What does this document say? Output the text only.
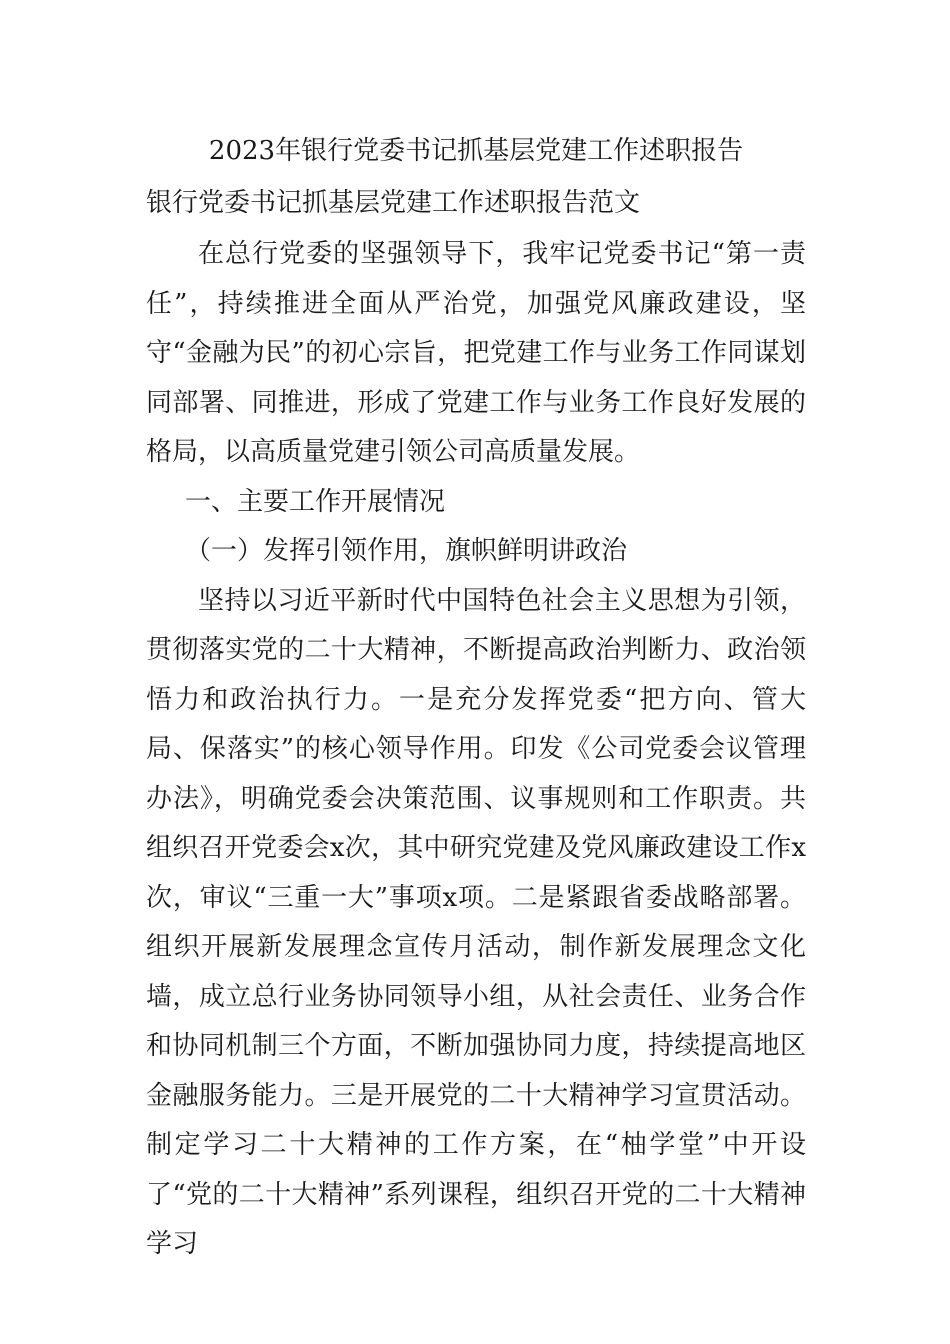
2023年银行党委书记抓基层党建工作述职报告

银行党委书记抓基层党建工作述职报告范文

在总行党委的坚强领导下，我牢记党委书记“第一责任”，持续推进全面从严治党，加强党风廉政建设，坚守“金融为民”的初心宗旨，把党建工作与业务工作同谋划同部署、同推进，形成了党建工作与业务工作良好发展的格局，以高质量党建引领公司高质量发展。

一、主要工作开展情况

（一）发挥引领作用，旗帜鲜明讲政治

坚持以习近平新时代中国特色社会主义思想为引领，贯彻落实党的二十大精神，不断提高政治判断力、政治领悟力和政治执行力。一是充分发挥党委“把方向、管大局、保落实”的核心领导作用。印发《公司党委会议管理办法》，明确党委会决策范围、议事规则和工作职责。共组织召开党委会x次，其中研究党建及党风廉政建设工作x次，审议“三重一大”事项x项。二是紧跟省委战略部署。组织开展新发展理念宣传月活动，制作新发展理念文化墙，成立总行业务协同领导小组，从社会责任、业务合作和协同机制三个方面，不断加强协同力度，持续提高地区金融服务能力。三是开展党的二十大精神学习宣贯活动。制定学习二十大精神的工作方案，在“柚学堂”中开设了“党的二十大精神”系列课程，组织召开党的二十大精神学习
